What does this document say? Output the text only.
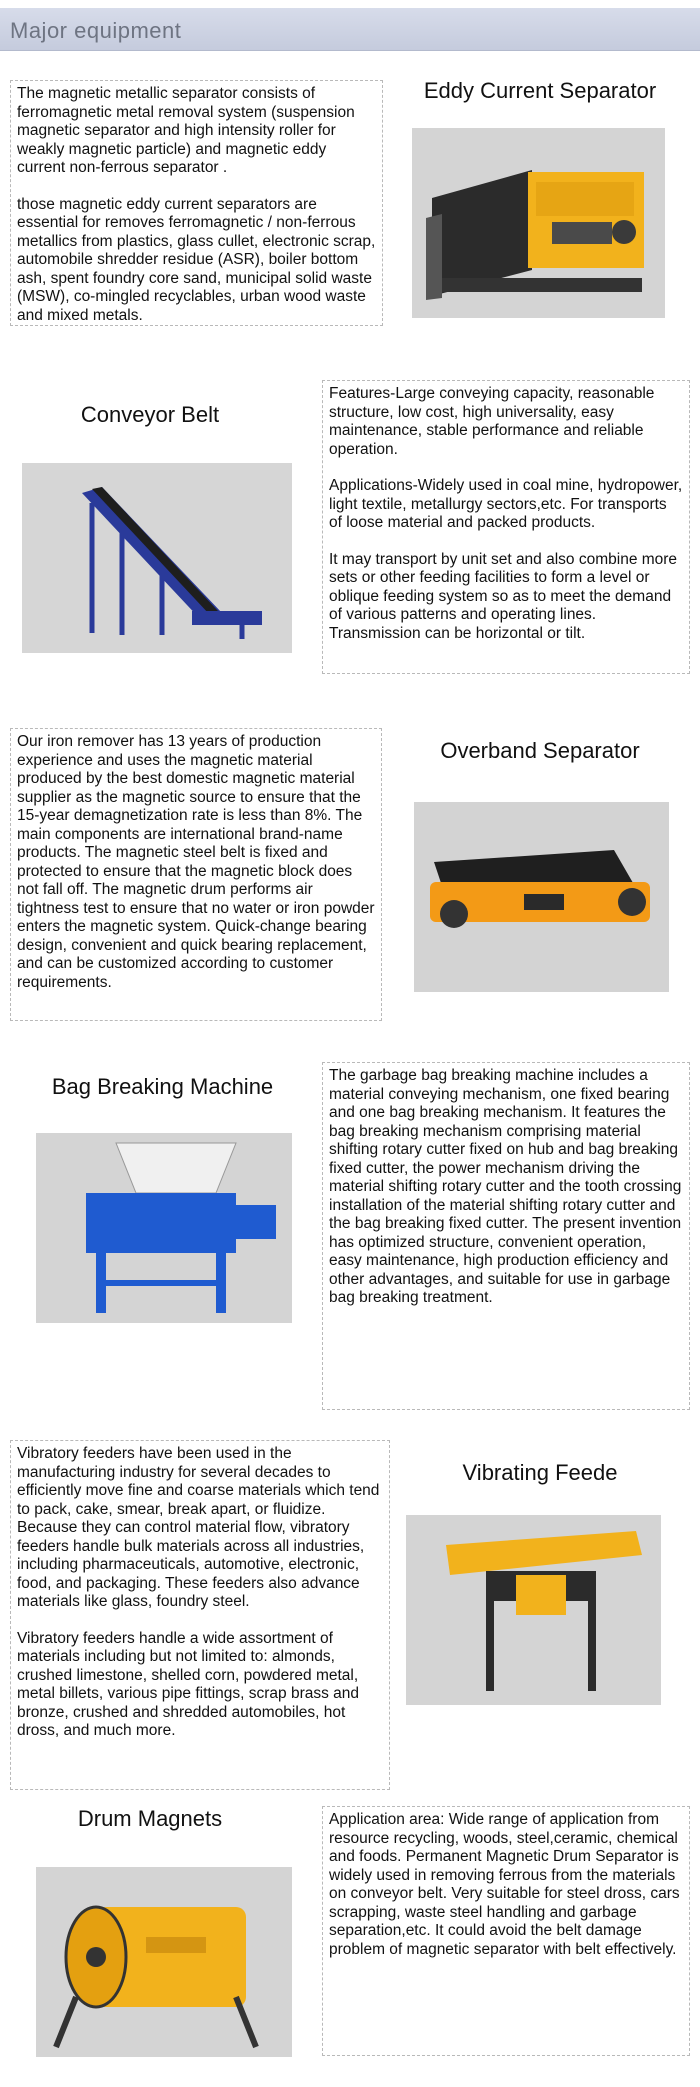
Major equipment

The magnetic metallic separator consists of ferromagnetic metal removal system (suspension magnetic separator and high intensity roller for weakly magnetic particle) and magnetic eddy current non-ferrous separator .

those magnetic eddy current separators are essential for removes ferromagnetic / non-ferrous metallics from plastics, glass cullet, electronic scrap, automobile shredder residue (ASR), boiler bottom ash, spent foundry core sand, municipal solid waste (MSW), co-mingled recyclables, urban wood waste and mixed metals.

Eddy Current Separator
Conveyor Belt

Features-Large conveying capacity, reasonable structure, low cost, high universality, easy maintenance, stable performance and reliable operation.

Applications-Widely used in coal mine, hydropower, light textile, metallurgy sectors,etc. For transports of loose material and packed products.

It may transport by unit set and also combine more sets or other feeding facilities to form a level or oblique feeding system so as to meet the demand of various patterns and operating lines. Transmission can be horizontal or tilt.

Our iron remover has 13 years of production experience and uses the magnetic material produced by the best domestic magnetic material supplier as the magnetic source to ensure that the 15-year demagnetization rate is less than 8%. The main components are international brand-name products. The magnetic steel belt is fixed and protected to ensure that the magnetic block does not fall off. The magnetic drum performs air tightness test to ensure that no water or iron powder enters the magnetic system. Quick-change bearing design, convenient and quick bearing replacement, and can be customized according to customer requirements.

Overband Separator
Bag Breaking Machine	The garbage bag breaking machine includes a material conveying mechanism, one fixed bearing and one bag breaking mechanism. It features the bag breaking mechanism comprising material shifting rotary cutter fixed on hub and bag breaking fixed cutter, the power mechanism driving the material shifting rotary cutter and the tooth crossing installation of the material shifting rotary cutter and the bag breaking fixed cutter. The present invention has optimized structure, convenient operation, easy maintenance, high production efficiency and other advantages, and suitable for use in garbage bag breaking treatment.

Vibratory feeders have been used in the manufacturing industry for several decades to efficiently move fine and coarse materials which tend to pack, cake, smear, break apart, or fluidize. Because they can control material flow, vibratory feeders handle bulk materials across all industries, including pharmaceuticals, automotive, electronic, food, and packaging. These feeders also advance materials like glass, foundry steel.

Vibratory feeders handle a wide assortment of materials including but not limited to: almonds, crushed limestone, shelled corn, powdered metal, metal billets, various pipe fittings, scrap brass and bronze, crushed and shredded automobiles, hot dross, and much more.

Vibrating Feede
Drum Magnets	Application area: Wide range of application from resource recycling, woods, steel,ceramic, chemical and foods. Permanent Magnetic Drum Separator is widely used in removing ferrous from the materials on conveyor belt. Very suitable for steel dross, cars scrapping, waste steel handling and garbage separation,etc. It could avoid the belt damage problem of magnetic separator with belt effectively.
